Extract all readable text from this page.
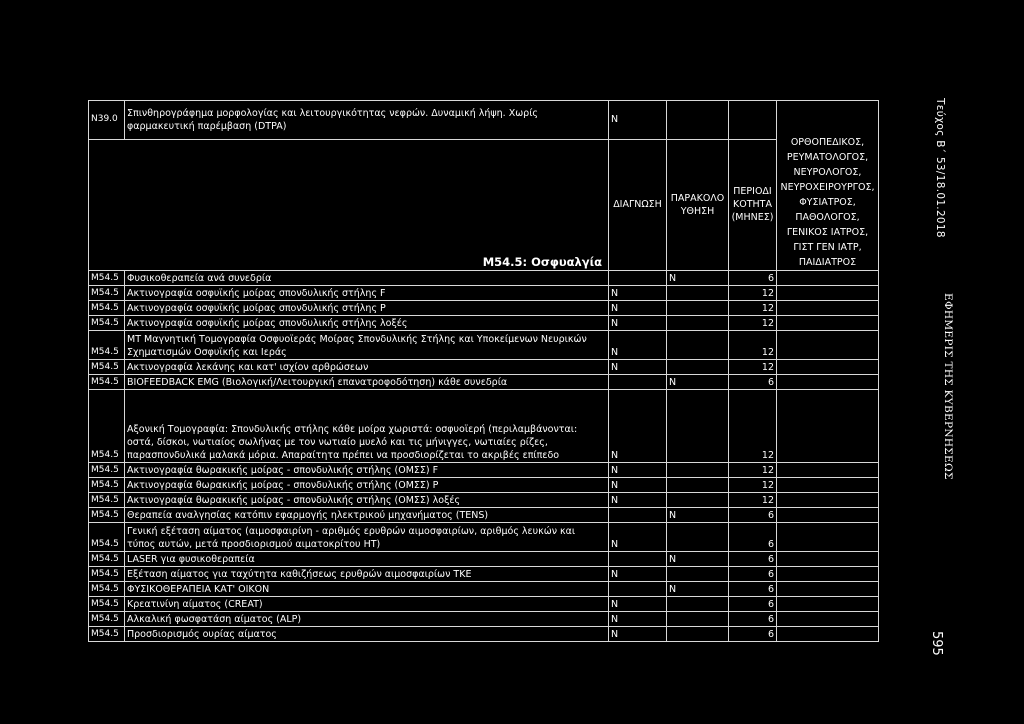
Τεύχος Β΄ 53/18.01.2018
ΕΦΗΜΕΡΙΣ ΤΗΣ ΚΥΒΕΡΝΗΣΕΩΣ
595
N39.0	Σπινθηρογράφημα μορφολογίας και λειτουργικότητας νεφρών. Δυναμική λήψη. Χωρίς φαρμακευτική παρέμβαση (DTPA)	N			ΟΡΘΟΠΕΔΙΚΟΣ, ΡΕΥΜΑΤΟΛΟΓΟΣ, ΝΕΥΡΟΛΟΓΟΣ, ΝΕΥΡΟΧΕΙΡΟΥΡΓΟΣ, ΦΥΣΙΑΤΡΟΣ, ΠΑΘΟΛΟΓΟΣ, ΓΕΝΙΚΟΣ ΙΑΤΡΟΣ, ΓΙΣΤ ΓΕΝ ΙΑΤΡ, ΠΑΙΔΙΑΤΡΟΣ

M54.5: Οσφυαλγία		ΔΙΑΓΝΩΣΗ	ΠΑΡΑΚΟΛΟΥΘΗΣΗ	ΠΕΡΙΟΔΙΚΟΤΗΤΑ (ΜΗΝΕΣ)	
M54.5	Φυσικοθεραπεία ανά συνεδρία		N	6	
M54.5	Ακτινογραφία οσφυϊκής μοίρας σπονδυλικής στήλης F	N		12	
M54.5	Ακτινογραφία οσφυϊκής μοίρας σπονδυλικής στήλης P	N		12	
M54.5	Ακτινογραφία οσφυϊκής μοίρας σπονδυλικής στήλης λοξές	N		12	
M54.5	ΜΤ Μαγνητική Τομογραφία Οσφυοϊεράς Μοίρας Σπονδυλικής Στήλης και Υποκείμενων Νευρικών Σχηματισμών Οσφυϊκής και Ιεράς	N		12	
M54.5	Ακτινογραφία λεκάνης και κατ' ισχίον αρθρώσεων	N		12	
M54.5	BIOFEEDBACK EMG (Βιολογική/Λειτουργική επανατροφοδότηση) κάθε συνεδρία		N	6	
M54.5	Αξονική Τομογραφία: Σπονδυλικής στήλης κάθε μοίρα χωριστά: οσφυοϊερή (περιλαμβάνονται: οστά, δίσκοι, νωτιαίος σωλήνας με τον νωτιαίο μυελό και τις μήνιγγες, νωτιαίες ρίζες, παρασπονδυλικά μαλακά μόρια. Απαραίτητα πρέπει να προσδιορίζεται το ακριβές επίπεδο	N		12	
M54.5	Ακτινογραφία θωρακικής μοίρας - σπονδυλικής στήλης (ΟΜΣΣ) F	N		12	
M54.5	Ακτινογραφία θωρακικής μοίρας - σπονδυλικής στήλης (ΟΜΣΣ) P	N		12	
M54.5	Ακτινογραφία θωρακικής μοίρας - σπονδυλικής στήλης (ΟΜΣΣ) λοξές	N		12	
M54.5	Θεραπεία αναλγησίας κατόπιν εφαρμογής ηλεκτρικού μηχανήματος (TENS)		N	6	
M54.5	Γενική εξέταση αίματος (αιμοσφαιρίνη - αριθμός ερυθρών αιμοσφαιρίων, αριθμός λευκών και τύπος αυτών, μετά προσδιορισμού αιματοκρίτου HT)	N		6	
M54.5	LASER για φυσικοθεραπεία		N	6	
M54.5	Εξέταση αίματος για ταχύτητα καθιζήσεως ερυθρών αιμοσφαιρίων ΤΚΕ	N		6	
M54.5	ΦΥΣΙΚΟΘΕΡΑΠΕΙΑ ΚΑΤ' ΟΙΚΟΝ		N	6	
M54.5	Κρεατινίνη αίματος (CREAT)	N		6	
M54.5	Αλκαλική φωσφατάση αίματος (ALP)	N		6	
M54.5	Προσδιορισμός ουρίας αίματος	N		6	
